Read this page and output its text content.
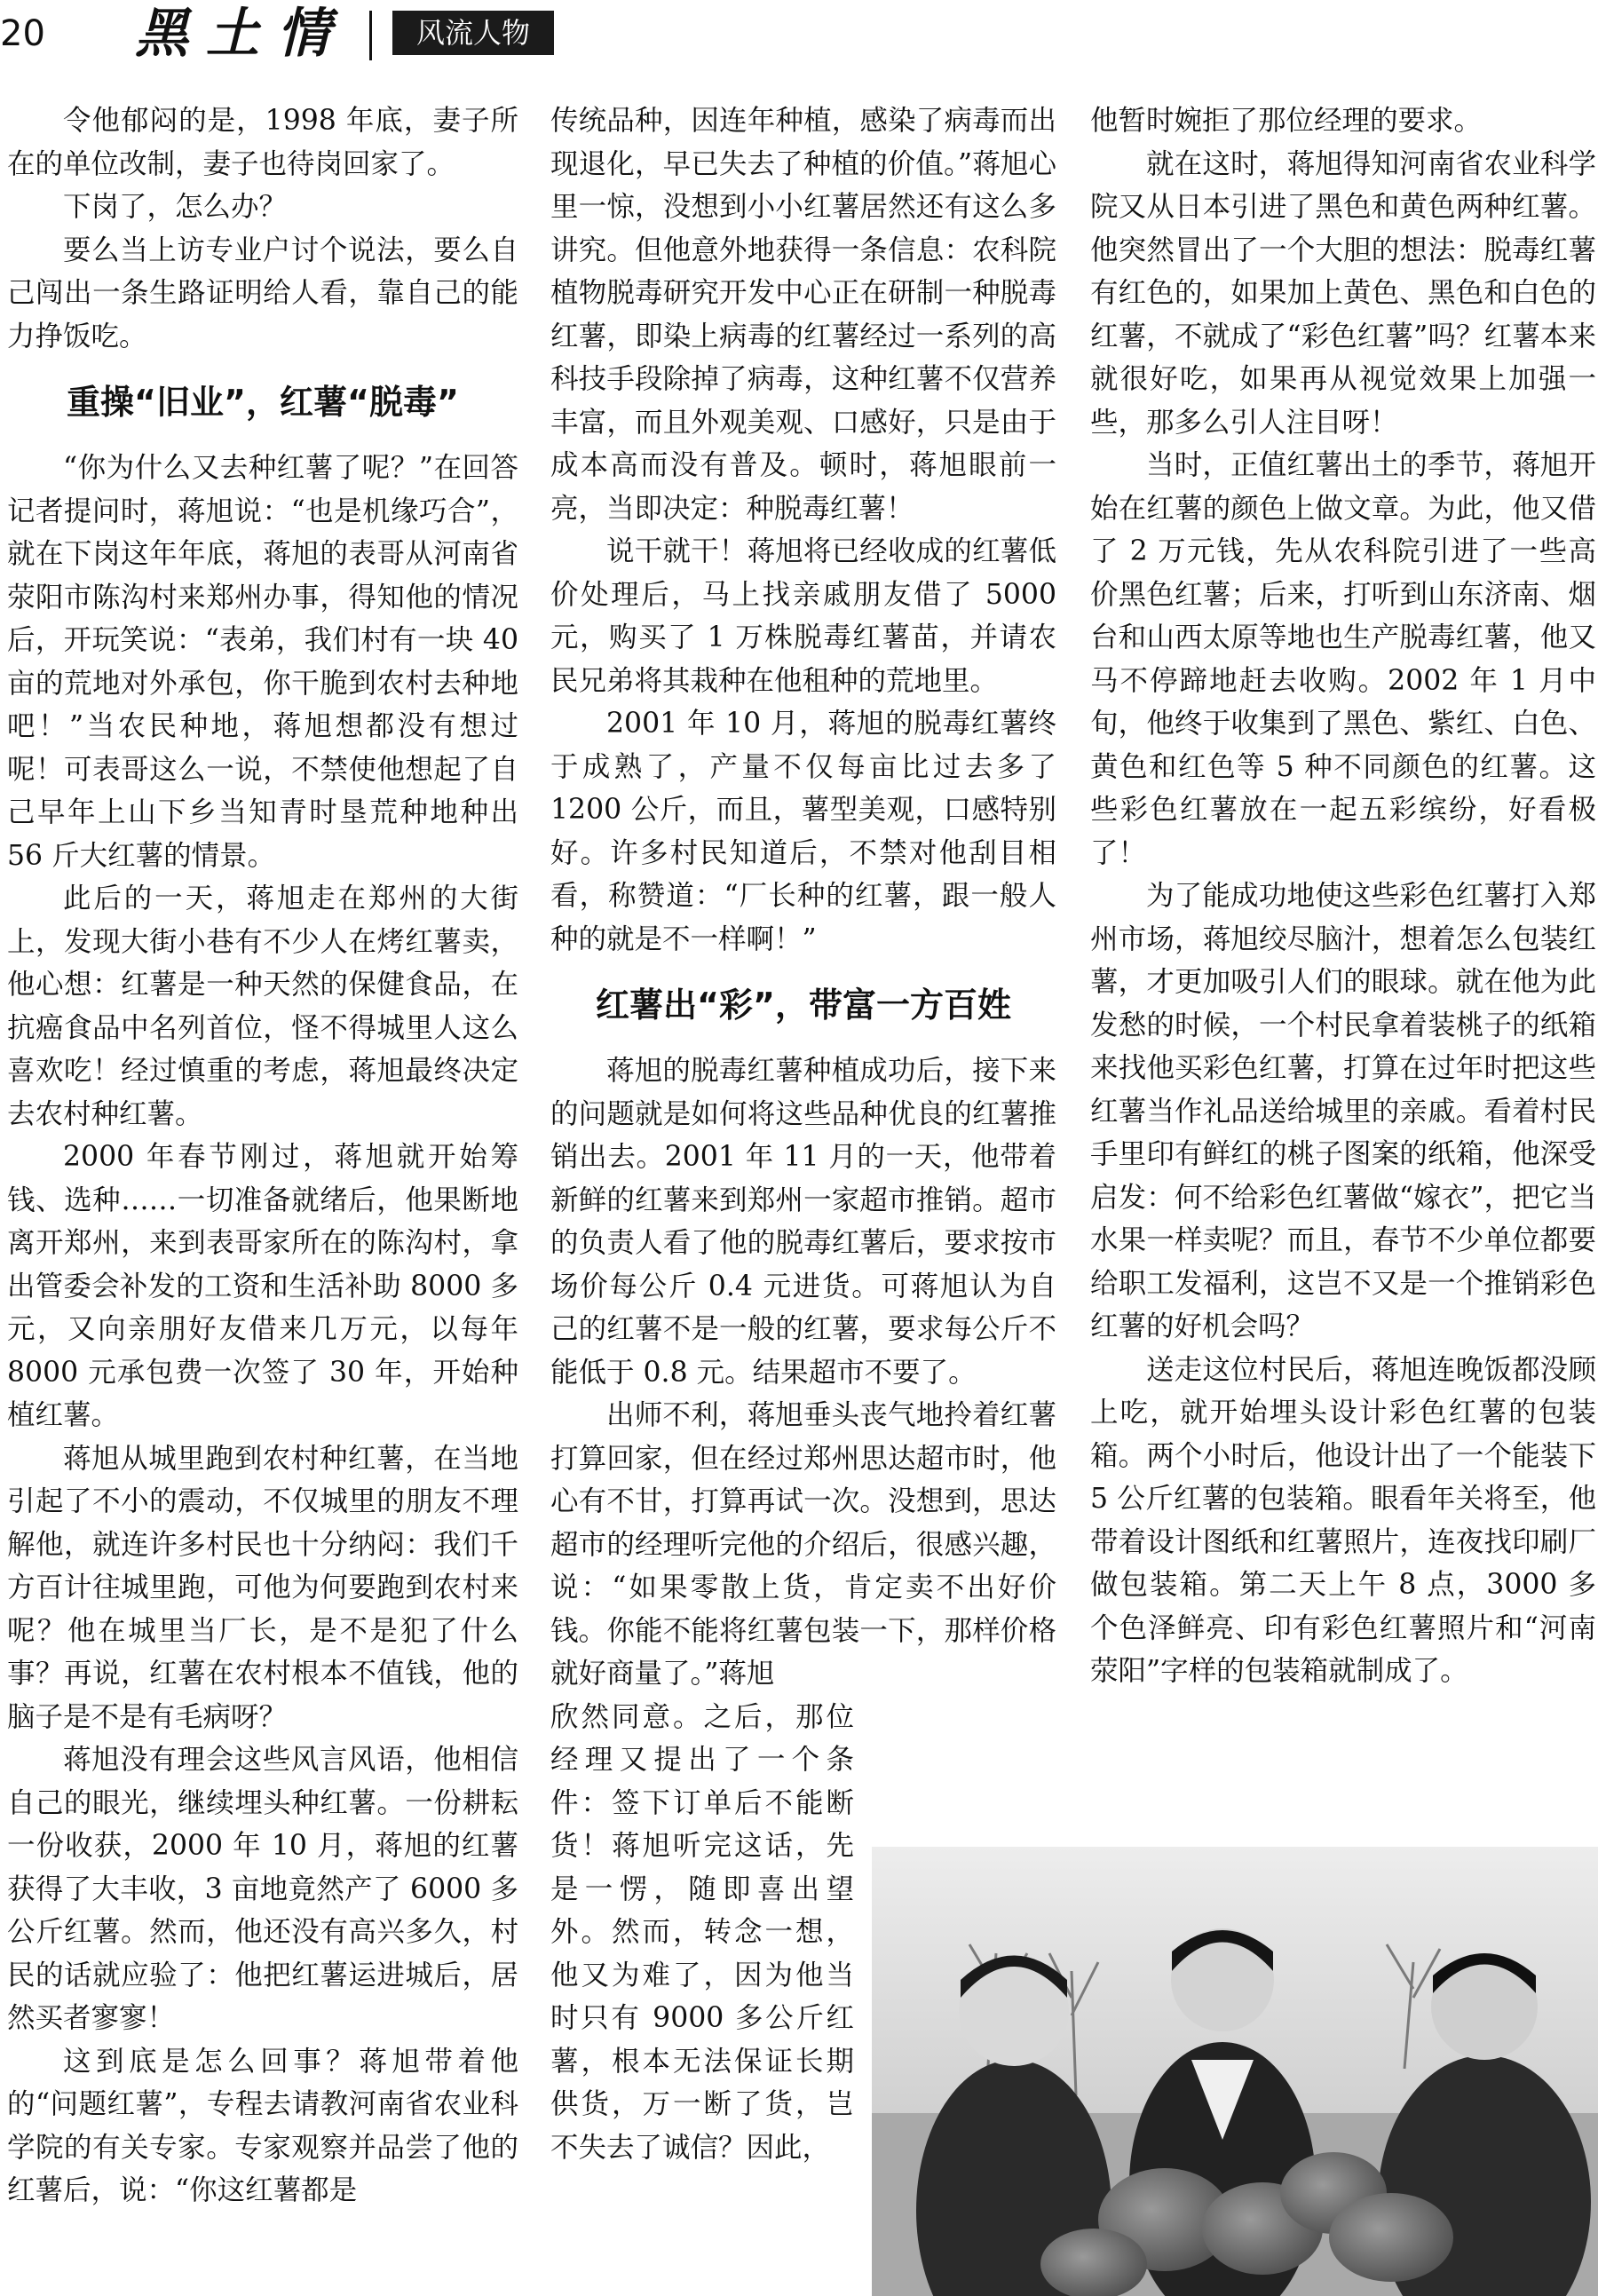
20 黑土情	风流人物

令他郁闷的是，1998 年底，妻子所在的单位改制，妻子也待岗回家了。

下岗了，怎么办？

要么当上访专业户讨个说法，要么自己闯出一条生路证明给人看，靠自己的能力挣饭吃。

重操“旧业”，红薯“脱毒”

“你为什么又去种红薯了呢？”在回答记者提问时，蒋旭说：“也是机缘巧合”，就在下岗这年年底，蒋旭的表哥从河南省荥阳市陈沟村来郑州办事，得知他的情况后，开玩笑说：“表弟，我们村有一块 40 亩的荒地对外承包，你干脆到农村去种地吧！”当农民种地，蒋旭想都没有想过呢！可表哥这么一说，不禁使他想起了自己早年上山下乡当知青时垦荒种地种出 56 斤大红薯的情景。

此后的一天，蒋旭走在郑州的大街上，发现大街小巷有不少人在烤红薯卖，他心想：红薯是一种天然的保健食品，在抗癌食品中名列首位，怪不得城里人这么喜欢吃！经过慎重的考虑，蒋旭最终决定去农村种红薯。

2000 年春节刚过，蒋旭就开始筹钱、选种……一切准备就绪后，他果断地离开郑州，来到表哥家所在的陈沟村，拿出管委会补发的工资和生活补助 8000 多元，又向亲朋好友借来几万元，以每年 8000 元承包费一次签了 30 年，开始种植红薯。

蒋旭从城里跑到农村种红薯，在当地引起了不小的震动，不仅城里的朋友不理解他，就连许多村民也十分纳闷：我们千方百计往城里跑，可他为何要跑到农村来呢？他在城里当厂长，是不是犯了什么事？再说，红薯在农村根本不值钱，他的脑子是不是有毛病呀？

蒋旭没有理会这些风言风语，他相信自己的眼光，继续埋头种红薯。一份耕耘一份收获，2000 年 10 月，蒋旭的红薯获得了大丰收，3 亩地竟然产了 6000 多公斤红薯。然而，他还没有高兴多久，村民的话就应验了：他把红薯运进城后，居然买者寥寥！

这到底是怎么回事？蒋旭带着他的“问题红薯”，专程去请教河南省农业科学院的有关专家。专家观察并品尝了他的红薯后，说：“你这红薯都是

传统品种，因连年种植，感染了病毒而出现退化，早已失去了种植的价值。”蒋旭心里一惊，没想到小小红薯居然还有这么多讲究。但他意外地获得一条信息：农科院植物脱毒研究开发中心正在研制一种脱毒红薯，即染上病毒的红薯经过一系列的高科技手段除掉了病毒，这种红薯不仅营养丰富，而且外观美观、口感好，只是由于成本高而没有普及。顿时，蒋旭眼前一亮，当即决定：种脱毒红薯！

说干就干！蒋旭将已经收成的红薯低价处理后，马上找亲戚朋友借了 5000 元，购买了 1 万株脱毒红薯苗，并请农民兄弟将其栽种在他租种的荒地里。

2001 年 10 月，蒋旭的脱毒红薯终于成熟了，产量不仅每亩比过去多了 1200 公斤，而且，薯型美观，口感特别好。许多村民知道后，不禁对他刮目相看，称赞道：“厂长种的红薯，跟一般人种的就是不一样啊！”

红薯出“彩”，带富一方百姓

蒋旭的脱毒红薯种植成功后，接下来的问题就是如何将这些品种优良的红薯推销出去。2001 年 11 月的一天，他带着新鲜的红薯来到郑州一家超市推销。超市的负责人看了他的脱毒红薯后，要求按市场价每公斤 0.4 元进货。可蒋旭认为自己的红薯不是一般的红薯，要求每公斤不能低于 0.8 元。结果超市不要了。

出师不利，蒋旭垂头丧气地拎着红薯打算回家，但在经过郑州思达超市时，他心有不甘，打算再试一次。没想到，思达超市的经理听完他的介绍后，很感兴趣，说：“如果零散上货，肯定卖不出好价钱。你能不能将红薯包装一下，那样价格就好商量了。”蒋旭

欣然同意。之后，那位经理又提出了一个条件：签下订单后不能断货！蒋旭听完这话，先是一愣，随即喜出望外。然而，转念一想，他又为难了，因为他当时只有 9000 多公斤红薯，根本无法保证长期供货，万一断了货，岂不失去了诚信？因此，

他暂时婉拒了那位经理的要求。

就在这时，蒋旭得知河南省农业科学院又从日本引进了黑色和黄色两种红薯。他突然冒出了一个大胆的想法：脱毒红薯有红色的，如果加上黄色、黑色和白色的红薯，不就成了“彩色红薯”吗？红薯本来就很好吃，如果再从视觉效果上加强一些，那多么引人注目呀！

当时，正值红薯出土的季节，蒋旭开始在红薯的颜色上做文章。为此，他又借了 2 万元钱，先从农科院引进了一些高价黑色红薯；后来，打听到山东济南、烟台和山西太原等地也生产脱毒红薯，他又马不停蹄地赶去收购。2002 年 1 月中旬，他终于收集到了黑色、紫红、白色、黄色和红色等 5 种不同颜色的红薯。这些彩色红薯放在一起五彩缤纷，好看极了！

为了能成功地使这些彩色红薯打入郑州市场，蒋旭绞尽脑汁，想着怎么包装红薯，才更加吸引人们的眼球。就在他为此发愁的时候，一个村民拿着装桃子的纸箱来找他买彩色红薯，打算在过年时把这些红薯当作礼品送给城里的亲戚。看着村民手里印有鲜红的桃子图案的纸箱，他深受启发：何不给彩色红薯做“嫁衣”，把它当水果一样卖呢？而且，春节不少单位都要给职工发福利，这岂不又是一个推销彩色红薯的好机会吗？

送走这位村民后，蒋旭连晚饭都没顾上吃，就开始埋头设计彩色红薯的包装箱。两个小时后，他设计出了一个能装下 5 公斤红薯的包装箱。眼看年关将至，他带着设计图纸和红薯照片，连夜找印刷厂做包装箱。第二天上午 8 点，3000 多个色泽鲜亮、印有彩色红薯照片和“河南荥阳”字样的包装箱就制成了。
